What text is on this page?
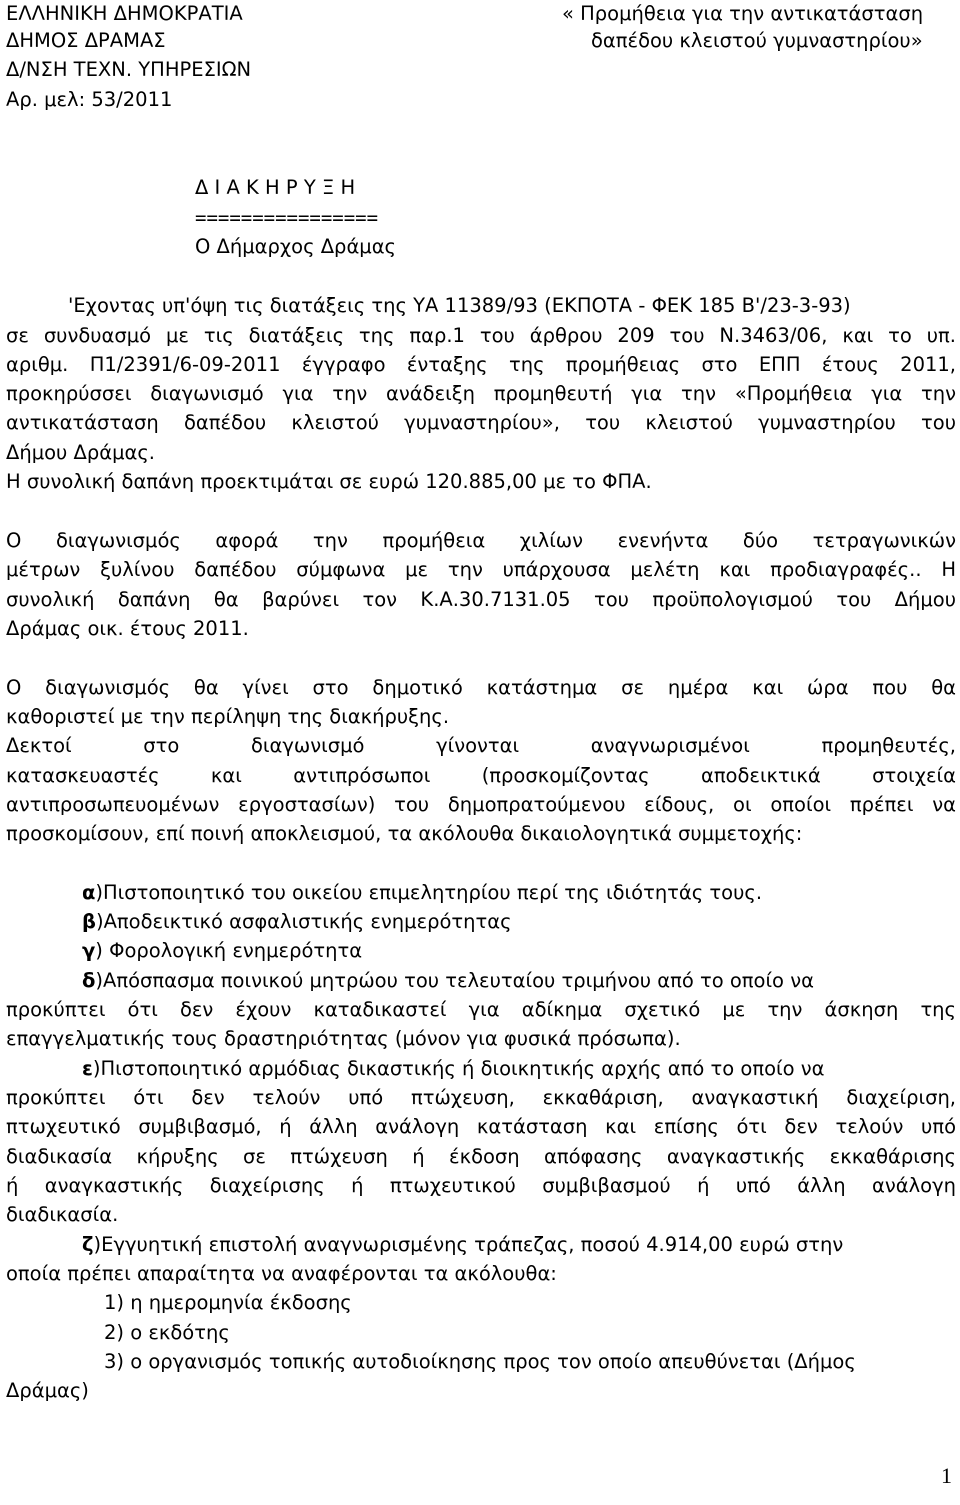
ΕΛΛΗΝΙΚΗ ΔΗΜΟΚΡΑΤΙΑ
ΔΗΜΟΣ ΔΡΑΜΑΣ
Δ/ΝΣΗ ΤΕΧΝ. ΥΠΗΡΕΣΙΩΝ
Αρ. μελ: 53/2011
« Προμήθεια για την αντικατάσταση
δαπέδου κλειστού γυμναστηρίου»
Δ Ι Α Κ Η Ρ Υ Ξ Η
================
Ο Δήμαρχος Δράμας
'Εχοντας υπ'όψη τις διατάξεις της ΥΑ 11389/93 (ΕΚΠΟΤΑ - ΦΕΚ 185 Β'/23-3-93)
σε συνδυασμό με τις διατάξεις της παρ.1 του άρθρου 209 του Ν.3463/06, και το υπ.
αριθμ. Π1/2391/6-09-2011 έγγραφο ένταξης της προμήθειας στο ΕΠΠ έτους 2011,
προκηρύσσει διαγωνισμό για την ανάδειξη προμηθευτή για την «Προμήθεια για την
αντικατάσταση δαπέδου κλειστού γυμναστηρίου», του κλειστού γυμναστηρίου του
Δήμου Δράμας.
Η συνολική δαπάνη προεκτιμάται σε ευρώ 120.885,00 με το ΦΠΑ.
Ο διαγωνισμός αφορά την προμήθεια χιλίων ενενήντα δύο τετραγωνικών
μέτρων ξυλίνου δαπέδου σύμφωνα με την υπάρχουσα μελέτη και προδιαγραφές.. Η
συνολική δαπάνη θα βαρύνει τον Κ.Α.30.7131.05 του προϋπολογισμού του Δήμου
Δράμας οικ. έτους 2011.
Ο διαγωνισμός θα γίνει στο δημοτικό κατάστημα σε ημέρα και ώρα που θα
καθοριστεί με την περίληψη της διακήρυξης.
Δεκτοί στο διαγωνισμό γίνονται αναγνωρισμένοι προμηθευτές,
κατασκευαστές και αντιπρόσωποι (προσκομίζοντας αποδεικτικά στοιχεία
αντιπροσωπευομένων εργοστασίων) του δημοπρατούμενου είδους, οι οποίοι πρέπει να
προσκομίσουν, επί ποινή αποκλεισμού, τα ακόλουθα δικαιολογητικά συμμετοχής:
α)Πιστοποιητικό του οικείου επιμελητηρίου περί της ιδιότητάς τους.
β)Αποδεικτικό ασφαλιστικής ενημερότητας
γ) Φορολογική ενημερότητα
δ)Απόσπασμα ποινικού μητρώου του τελευταίου τριμήνου από το οποίο να
προκύπτει ότι δεν έχουν καταδικαστεί για αδίκημα σχετικό με την άσκηση της
επαγγελματικής τους δραστηριότητας (μόνον για φυσικά πρόσωπα).
ε)Πιστοποιητικό αρμόδιας δικαστικής ή διοικητικής αρχής από το οποίο να
προκύπτει ότι δεν τελούν υπό πτώχευση, εκκαθάριση, αναγκαστική διαχείριση,
πτωχευτικό συμβιβασμό, ή άλλη ανάλογη κατάσταση και επίσης ότι δεν τελούν υπό
διαδικασία κήρυξης σε πτώχευση ή έκδοση απόφασης αναγκαστικής εκκαθάρισης
ή αναγκαστικής διαχείρισης ή πτωχευτικού συμβιβασμού ή υπό άλλη ανάλογη
διαδικασία.
ζ)Εγγυητική επιστολή αναγνωρισμένης τράπεζας, ποσού 4.914,00 ευρώ στην
οποία πρέπει απαραίτητα να αναφέρονται τα ακόλουθα:
1) η ημερομηνία έκδοσης
2) ο εκδότης
3) ο οργανισμός τοπικής αυτοδιοίκησης προς τον οποίο απευθύνεται (Δήμος
Δράμας)
1
